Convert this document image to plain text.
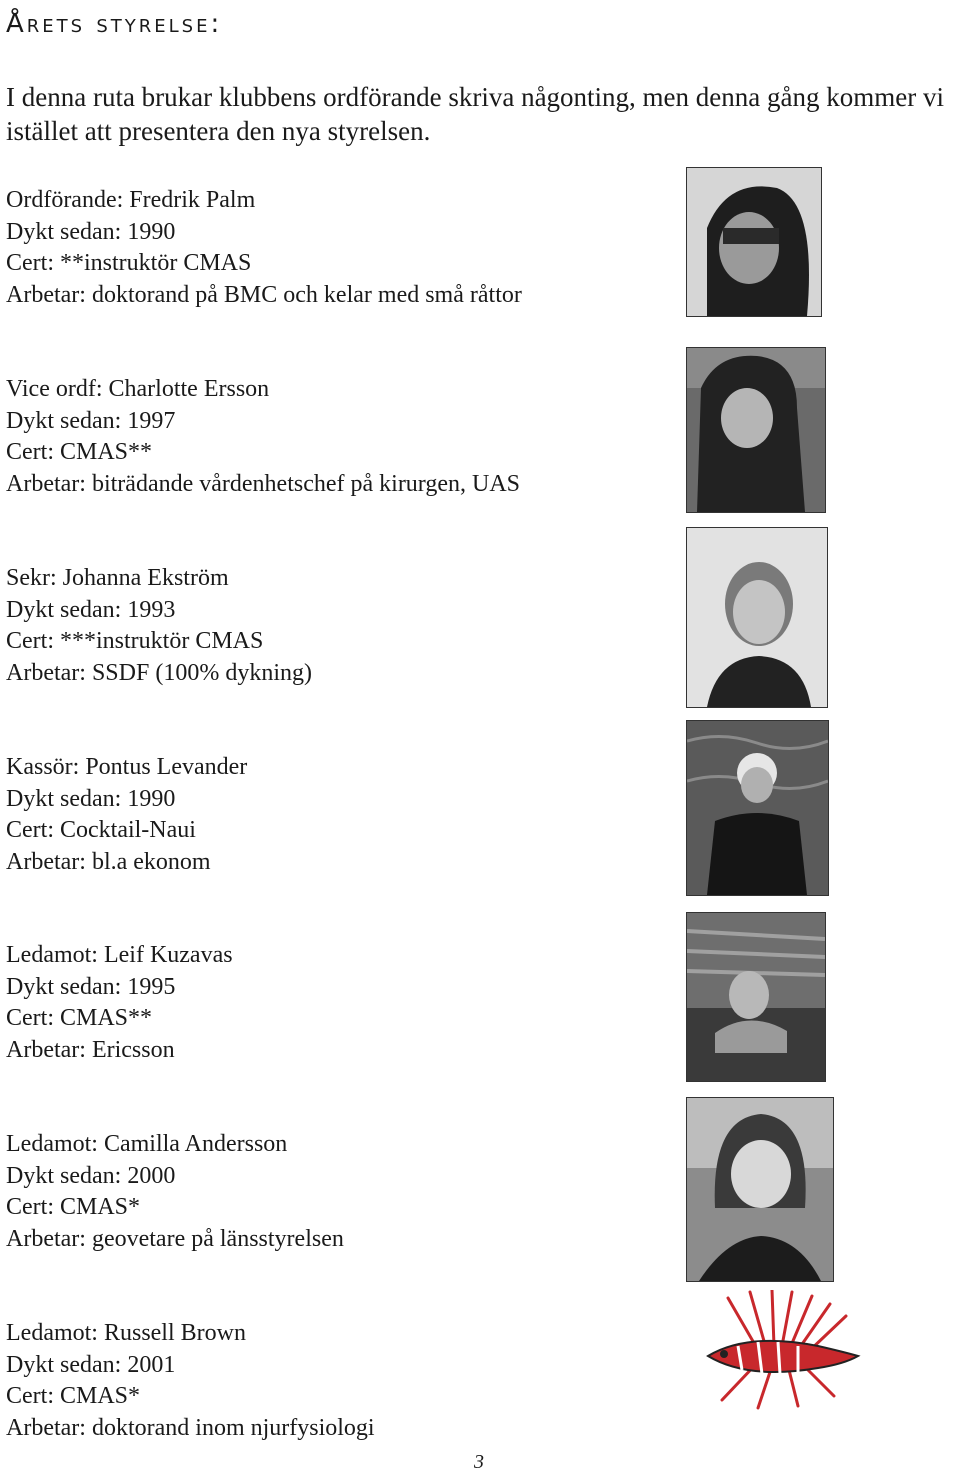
Årets styrelse:

I denna ruta brukar klubbens ordförande skriva någonting, men denna gång kommer vi istället att presentera den nya styrelsen.

Ordförande: Fredrik Palm
Dykt sedan: 1990
Cert: **instruktör CMAS
Arbetar: doktorand på BMC och kelar med små råttor
Vice ordf: Charlotte Ersson
Dykt sedan: 1997
Cert: CMAS**
Arbetar: biträdande vårdenhetschef på kirurgen, UAS
Sekr: Johanna Ekström
Dykt sedan: 1993
Cert: ***instruktör CMAS
Arbetar: SSDF (100% dykning)
Kassör: Pontus Levander
Dykt sedan: 1990
Cert: Cocktail-Naui
Arbetar: bl.a ekonom
Ledamot: Leif Kuzavas
Dykt sedan: 1995
Cert: CMAS**
Arbetar: Ericsson
Ledamot: Camilla Andersson
Dykt sedan: 2000
Cert: CMAS*
Arbetar: geovetare på länsstyrelsen
Ledamot: Russell Brown
Dykt sedan: 2001
Cert: CMAS*
Arbetar: doktorand inom njurfysiologi
3
